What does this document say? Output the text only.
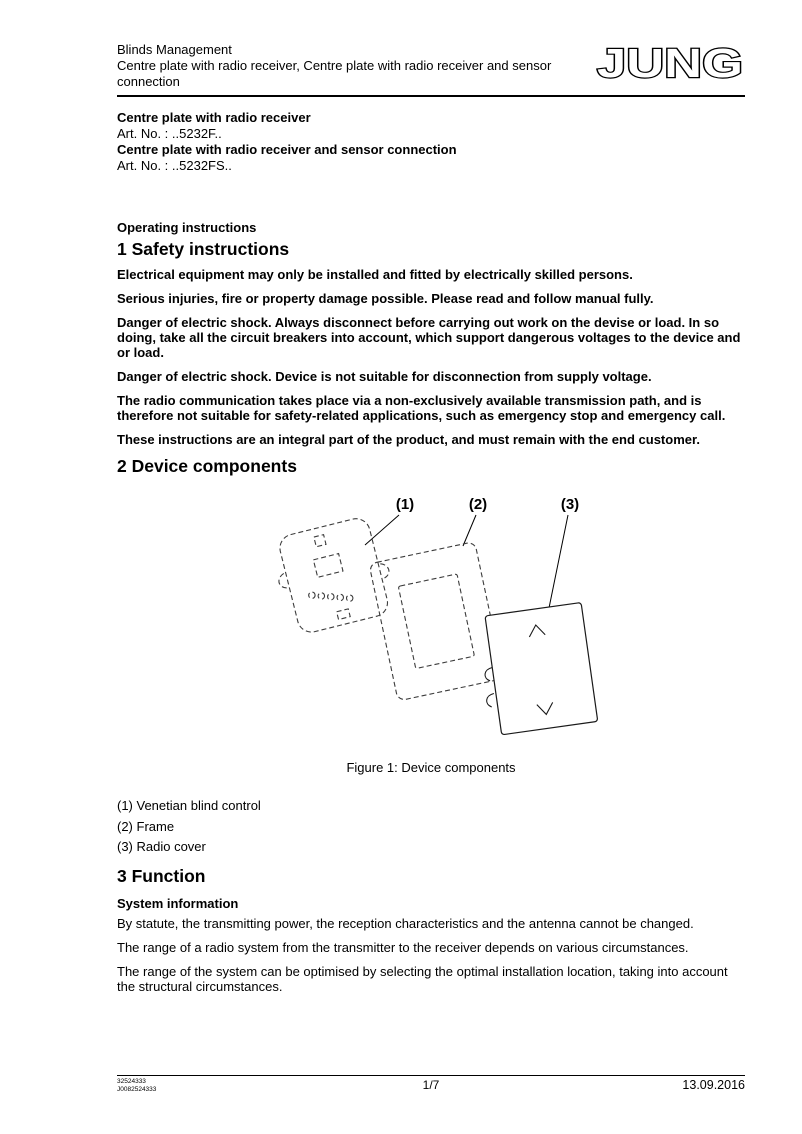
Blinds Management
Centre plate with radio receiver, Centre plate with radio receiver and sensor connection	JUNG

Centre plate with radio receiver

Art. No. : ..5232F..

Centre plate with radio receiver and sensor connection

Art. No. : ..5232FS..

Operating instructions

1 Safety instructions

Electrical equipment may only be installed and fitted by electrically skilled persons.

Serious injuries, fire or property damage possible. Please read and follow manual fully.

Danger of electric shock. Always disconnect before carrying out work on the devise or load. In so doing, take all the circuit breakers into account, which support dangerous voltages to the device and or load.

Danger of electric shock. Device is not suitable for disconnection from supply voltage.

The radio communication takes place via a non-exclusively available transmission path, and is therefore not suitable for safety-related applications, such as emergency stop and emergency call.

These instructions are an integral part of the product, and must remain with the end customer.

2 Device components
(1)	(2)	(3)

Figure 1: Device components

(1) Venetian blind control

(2) Frame

(3) Radio cover

3 Function

System information

By statute, the transmitting power, the reception characteristics and the antenna cannot be changed.

The range of a radio system from the transmitter to the receiver depends on various circumstances.

The range of the system can be optimised by selecting the optimal installation location, taking into account the structural circumstances.

32524333
J0082524333	1/7	13.09.2016
